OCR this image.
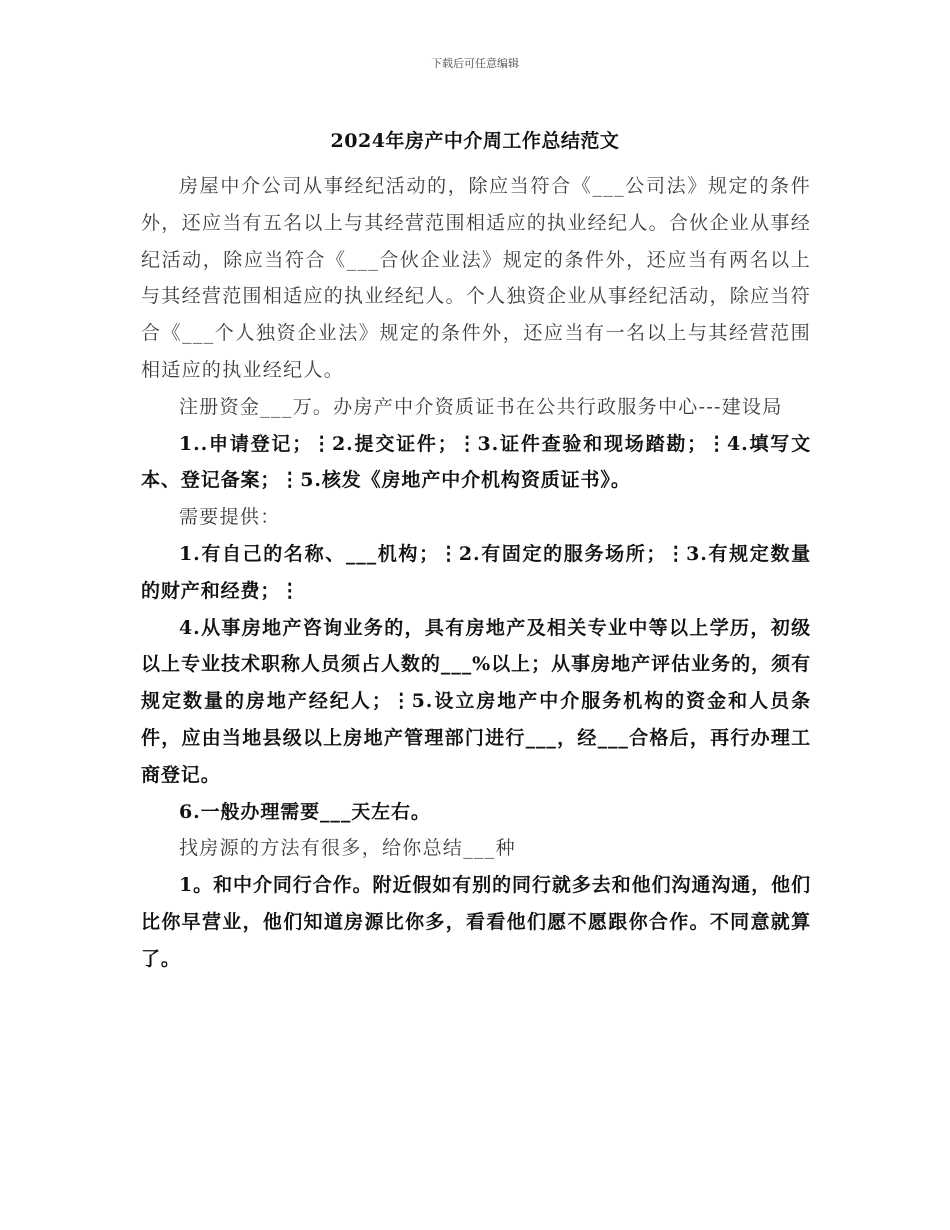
下载后可任意编辑
2024年房产中介周工作总结范文

房屋中介公司从事经纪活动的，除应当符合《___公司法》规定的条件外，还应当有五名以上与其经营范围相适应的执业经纪人。合伙企业从事经纪活动，除应当符合《___合伙企业法》规定的条件外，还应当有两名以上与其经营范围相适应的执业经纪人。个人独资企业从事经纪活动，除应当符合《___个人独资企业法》规定的条件外，还应当有一名以上与其经营范围相适应的执业经纪人。

注册资金___万。办房产中介资质证书在公共行政服务中心---建设局

1..申请登记；⋮2.提交证件；⋮3.证件查验和现场踏勘；⋮4.填写文本、登记备案；⋮5.核发《房地产中介机构资质证书》。

需要提供：

1.有自己的名称、___机构；⋮2.有固定的服务场所；⋮3.有规定数量的财产和经费；⋮

4.从事房地产咨询业务的，具有房地产及相关专业中等以上学历，初级以上专业技术职称人员须占人数的___%以上；从事房地产评估业务的，须有规定数量的房地产经纪人；⋮5.设立房地产中介服务机构的资金和人员条件，应由当地县级以上房地产管理部门进行___，经___合格后，再行办理工商登记。

6.一般办理需要___天左右。

找房源的方法有很多，给你总结___种

1。和中介同行合作。附近假如有别的同行就多去和他们沟通沟通，他们比你早营业，他们知道房源比你多，看看他们愿不愿跟你合作。不同意就算了。
